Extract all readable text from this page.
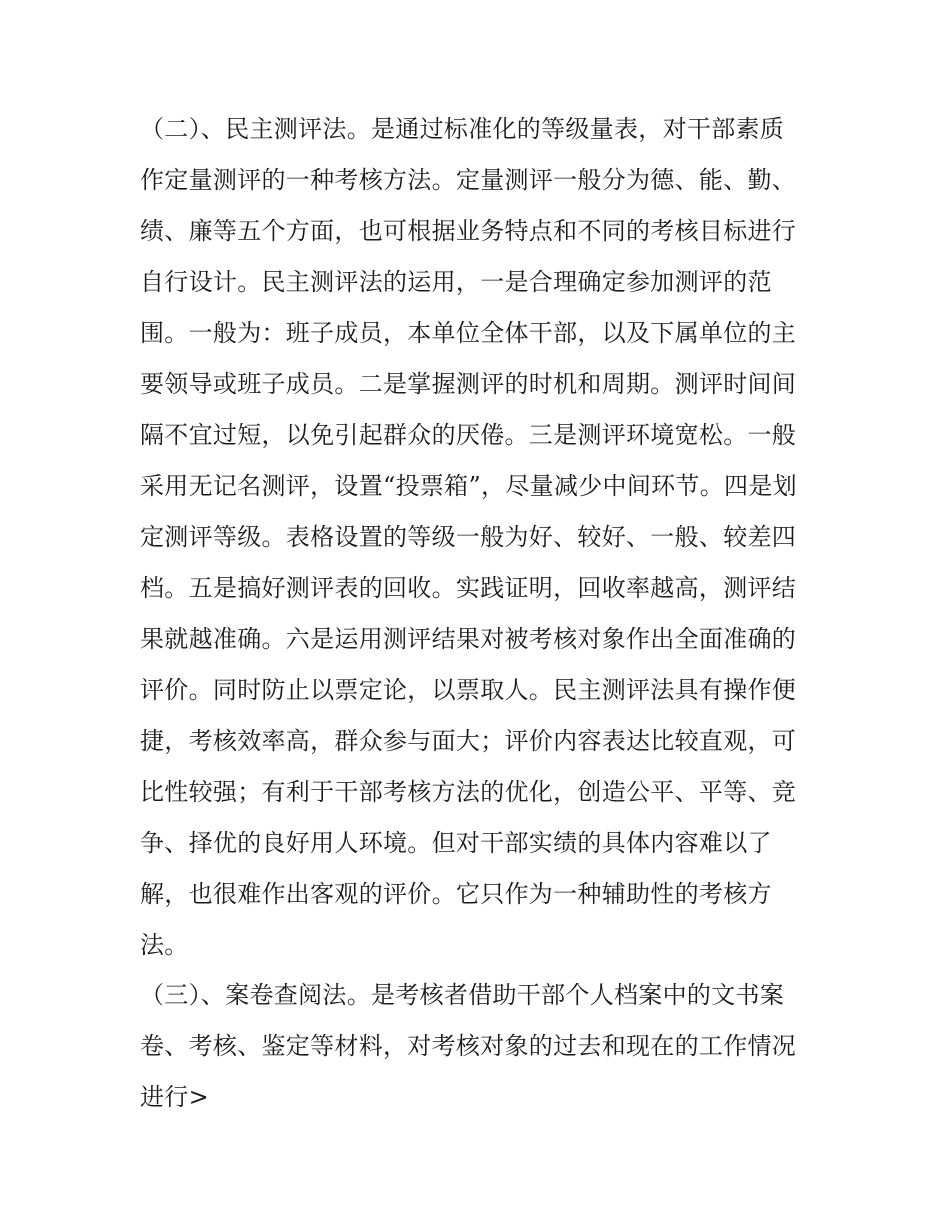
（二）、民主测评法。是通过标准化的等级量表，对干部素质
作定量测评的一种考核方法。定量测评一般分为德、能、勤、
绩、廉等五个方面，也可根据业务特点和不同的考核目标进行
自行设计。民主测评法的运用，一是合理确定参加测评的范
围。一般为：班子成员，本单位全体干部，以及下属单位的主
要领导或班子成员。二是掌握测评的时机和周期。测评时间间
隔不宜过短，以免引起群众的厌倦。三是测评环境宽松。一般
采用无记名测评，设置“投票箱”，尽量减少中间环节。四是划
定测评等级。表格设置的等级一般为好、较好、一般、较差四
档。五是搞好测评表的回收。实践证明，回收率越高，测评结
果就越准确。六是运用测评结果对被考核对象作出全面准确的
评价。同时防止以票定论，以票取人。民主测评法具有操作便
捷，考核效率高，群众参与面大；评价内容表达比较直观，可
比性较强；有利于干部考核方法的优化，创造公平、平等、竞
争、择优的良好用人环境。但对干部实绩的具体内容难以了
解，也很难作出客观的评价。它只作为一种辅助性的考核方
法。
（三）、案卷查阅法。是考核者借助干部个人档案中的文书案
卷、考核、鉴定等材料，对考核对象的过去和现在的工作情况
进行>
